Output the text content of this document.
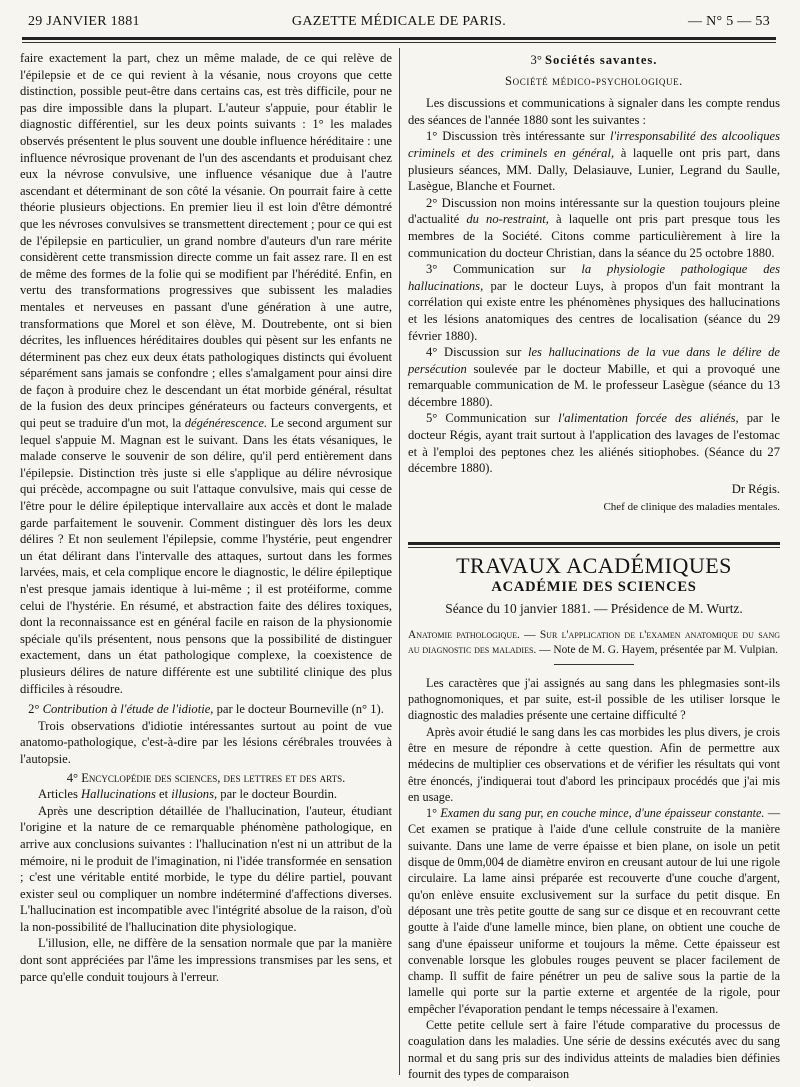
29 JANVIER 1881	GAZETTE MÉDICALE DE PARIS.	— N° 5 — 53

faire exactement la part, chez un même malade, de ce qui relève de l'épilepsie et de ce qui revient à la vésanie, nous croyons que cette distinction, possible peut-être dans certains cas, est très difficile, pour ne pas dire impossible dans la plupart. L'auteur s'appuie, pour établir le diagnostic différentiel, sur les deux points suivants : 1° les malades observés présentent le plus souvent une double influence héréditaire : une influence névrosique provenant de l'un des ascendants et produisant chez eux la névrose convulsive, une influence vésanique due à l'autre ascendant et déterminant de son côté la vésanie. On pourrait faire à cette théorie plusieurs objections. En premier lieu il est loin d'être démontré que les névroses convulsives se transmettent directement ; pour ce qui est de l'épilepsie en particulier, un grand nombre d'auteurs d'un rare mérite considèrent cette transmission directe comme un fait assez rare. Il en est de même des formes de la folie qui se modifient par l'hérédité. Enfin, en vertu des transformations progressives que subissent les maladies mentales et nerveuses en passant d'une génération à une autre, transformations que Morel et son élève, M. Doutrebente, ont si bien décrites, les influences héréditaires doubles qui pèsent sur les enfants ne déterminent pas chez eux deux états pathologiques distincts qui évoluent séparément sans jamais se confondre ; elles s'amalgament pour ainsi dire de façon à produire chez le descendant un état morbide général, résultat de la fusion des deux principes générateurs ou facteurs convergents, et qui peut se traduire d'un mot, la dégénérescence. Le second argument sur lequel s'appuie M. Magnan est le suivant. Dans les états vésaniques, le malade conserve le souvenir de son délire, qu'il perd entièrement dans l'épilepsie. Distinction très juste si elle s'applique au délire névrosique qui précède, accompagne ou suit l'attaque convulsive, mais qui cesse de l'être pour le délire épileptique intervallaire aux accès et dont le malade garde parfaitement le souvenir. Comment distinguer dès lors les deux délires ? Et non seulement l'épilepsie, comme l'hystérie, peut engendrer un état délirant dans l'intervalle des attaques, surtout dans les formes larvées, mais, et cela complique encore le diagnostic, le délire épileptique n'est presque jamais identique à lui-même ; il est protéiforme, comme celui de l'hystérie. En résumé, et abstraction faite des délires toxiques, dont la reconnaissance est en général facile en raison de la physionomie spéciale qu'ils présentent, nous pensons que la possibilité de distinguer exactement, dans un état pathologique complexe, la coexistence de plusieurs délires de nature différente est une subtilité clinique des plus difficiles à résoudre.

2° Contribution à l'étude de l'idiotie, par le docteur Bourneville (n° 1).

Trois observations d'idiotie intéressantes surtout au point de vue anatomo-pathologique, c'est-à-dire par les lésions cérébrales trouvées à l'autopsie.

4° Encyclopédie des sciences, des lettres et des arts.

Articles Hallucinations et illusions, par le docteur Bourdin.

Après une description détaillée de l'hallucination, l'auteur, étudiant l'origine et la nature de ce remarquable phénomène pathologique, en arrive aux conclusions suivantes : l'hallucination n'est ni un attribut de la mémoire, ni le produit de l'imagination, ni l'idée transformée en sensation ; c'est une véritable entité morbide, le type du délire partiel, pouvant exister seul ou compliquer un nombre indéterminé d'affections diverses. L'hallucination est incompatible avec l'intégrité absolue de la raison, d'où la non-possibilité de l'hallucination dite physiologique.

L'illusion, elle, ne diffère de la sensation normale que par la manière dont sont appréciées par l'âme les impressions transmises par les sens, et parce qu'elle conduit toujours à l'erreur.

3° Sociétés savantes.
Société médico-psychologique.

Les discussions et communications à signaler dans les compte rendus des séances de l'année 1880 sont les suivantes :

1° Discussion très intéressante sur l'irresponsabilité des alcooliques criminels et des criminels en général, à laquelle ont pris part, dans plusieurs séances, MM. Dally, Delasiauve, Lunier, Legrand du Saulle, Lasègue, Blanche et Fournet.

2° Discussion non moins intéressante sur la question toujours pleine d'actualité du no-restraint, à laquelle ont pris part presque tous les membres de la Société. Citons comme particulièrement à lire la communication du docteur Christian, dans la séance du 25 octobre 1880.

3° Communication sur la physiologie pathologique des hallucinations, par le docteur Luys, à propos d'un fait montrant la corrélation qui existe entre les phénomènes physiques des hallucinations et les lésions anatomiques des centres de localisation (séance du 29 février 1880).

4° Discussion sur les hallucinations de la vue dans le délire de persécution soulevée par le docteur Mabille, et qui a provoqué une remarquable communication de M. le professeur Lasègue (séance du 13 décembre 1880).

5° Communication sur l'alimentation forcée des aliénés, par le docteur Régis, ayant trait surtout à l'application des lavages de l'estomac et à l'emploi des peptones chez les aliénés sitiophobes. (Séance du 27 décembre 1880).

Dr Régis.
Chef de clinique des maladies mentales.
TRAVAUX ACADÉMIQUES
ACADÉMIE DES SCIENCES
Séance du 10 janvier 1881. — Présidence de M. Wurtz.

Anatomie pathologique. — Sur l'application de l'examen anatomique du sang au diagnostic des maladies. — Note de M. G. Hayem, présentée par M. Vulpian.

Les caractères que j'ai assignés au sang dans les phlegmasies sont-ils pathognomoniques, et par suite, est-il possible de les utiliser lorsque le diagnostic des maladies présente une certaine difficulté ?

Après avoir étudié le sang dans les cas morbides les plus divers, je crois être en mesure de répondre à cette question. Afin de permettre aux médecins de multiplier ces observations et de vérifier les résultats qui vont être énoncés, j'indiquerai tout d'abord les principaux procédés que j'ai mis en usage.

1° Examen du sang pur, en couche mince, d'une épaisseur constante. — Cet examen se pratique à l'aide d'une cellule construite de la manière suivante. Dans une lame de verre épaisse et bien plane, on isole un petit disque de 0mm,004 de diamètre environ en creusant autour de lui une rigole circulaire. La lame ainsi préparée est recouverte d'une couche d'argent, qu'on enlève ensuite exclusivement sur la surface du petit disque. En déposant une très petite goutte de sang sur ce disque et en recouvrant cette goutte à l'aide d'une lamelle mince, bien plane, on obtient une couche de sang d'une épaisseur uniforme et toujours la même. Cette épaisseur est convenable lorsque les globules rouges peuvent se placer facilement de champ. Il suffit de faire pénétrer un peu de salive sous la partie de la lamelle qui porte sur la partie externe et argentée de la rigole, pour empêcher l'évaporation pendant le temps nécessaire à l'examen.

Cette petite cellule sert à faire l'étude comparative du processus de coagulation dans les maladies. Une série de dessins exécutés avec du sang normal et du sang pris sur des individus atteints de maladies bien définies fournit des types de comparaison
